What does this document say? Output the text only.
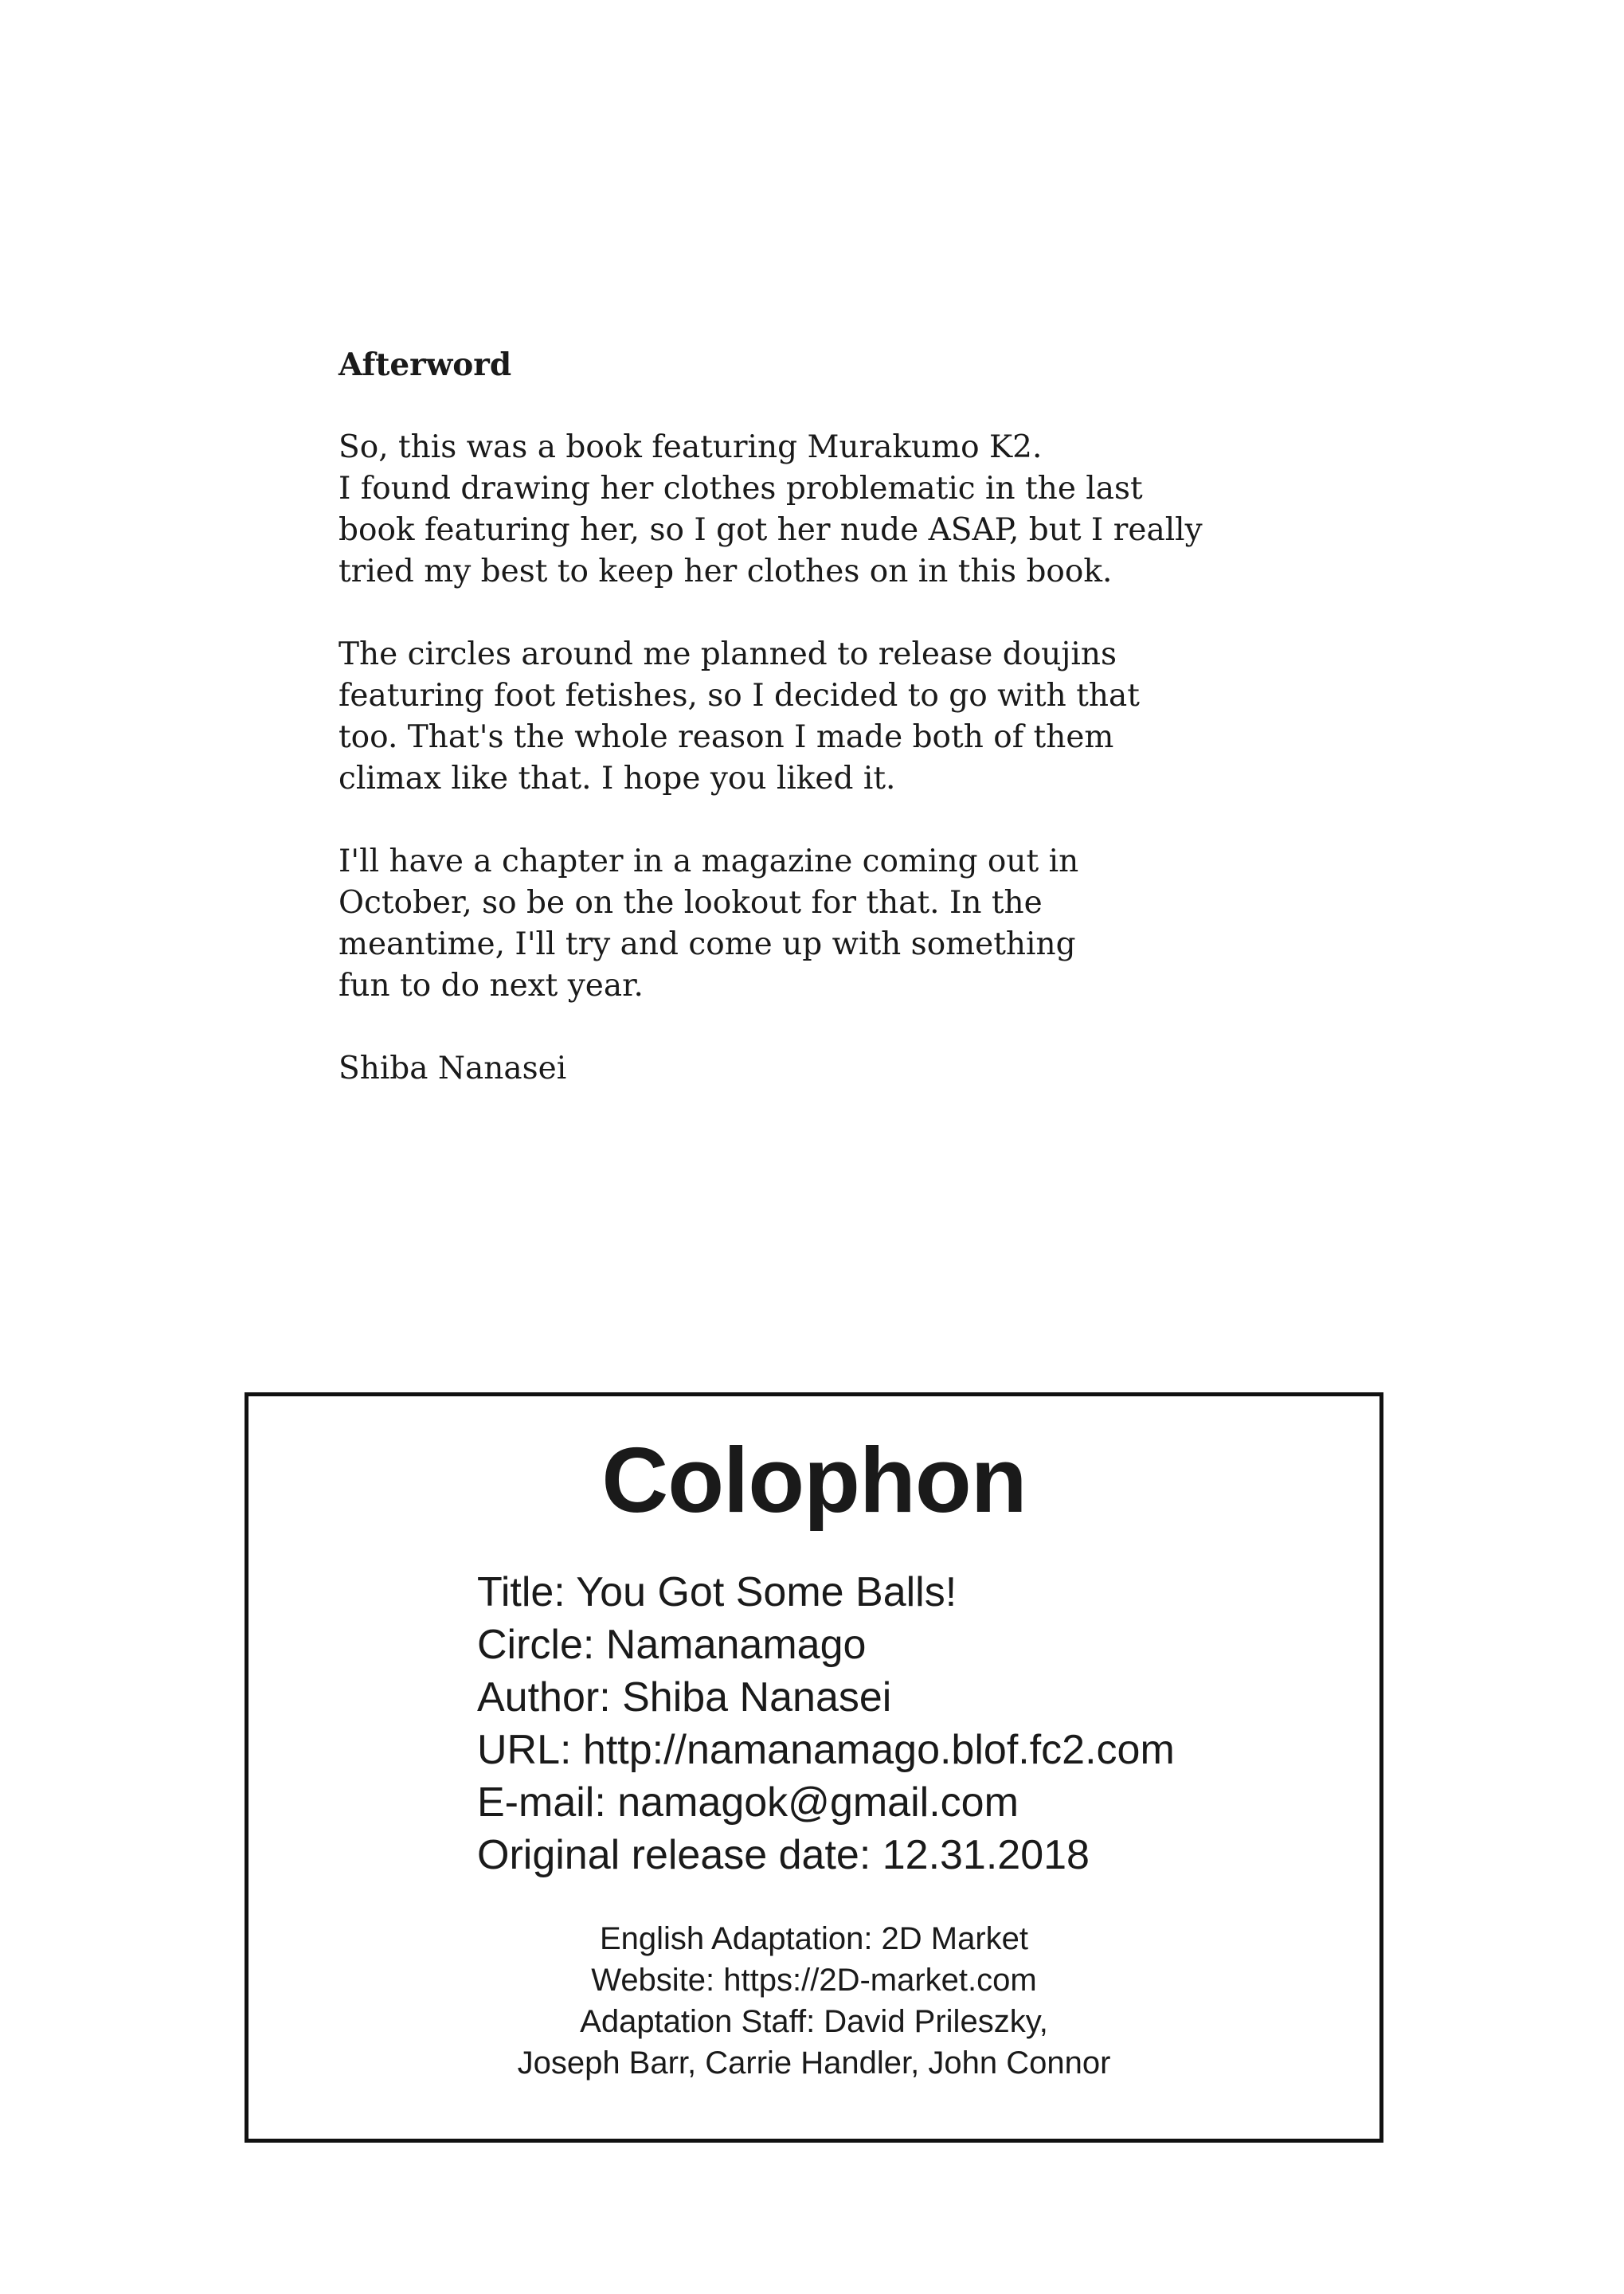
Afterword

So, this was a book featuring Murakumo K2.
I found drawing her clothes problematic in the last
book featuring her, so I got her nude ASAP, but I really
tried my best to keep her clothes on in this book.

The circles around me planned to release doujins
featuring foot fetishes, so I decided to go with that
too. That's the whole reason I made both of them
climax like that. I hope you liked it.

I'll have a chapter in a magazine coming out in
October, so be on the lookout for that. In the
meantime, I'll try and come up with something
fun to do next year.

Shiba Nanasei

Colophon
Title: You Got Some Balls!
Circle: Namanamago
Author: Shiba Nanasei
URL: http://namanamago.blof.fc2.com
E-mail: namagok@gmail.com
Original release date: 12.31.2018
English Adaptation: 2D Market
Website: https://2D-market.com
Adaptation Staff: David Prileszky,
Joseph Barr, Carrie Handler, John Connor
